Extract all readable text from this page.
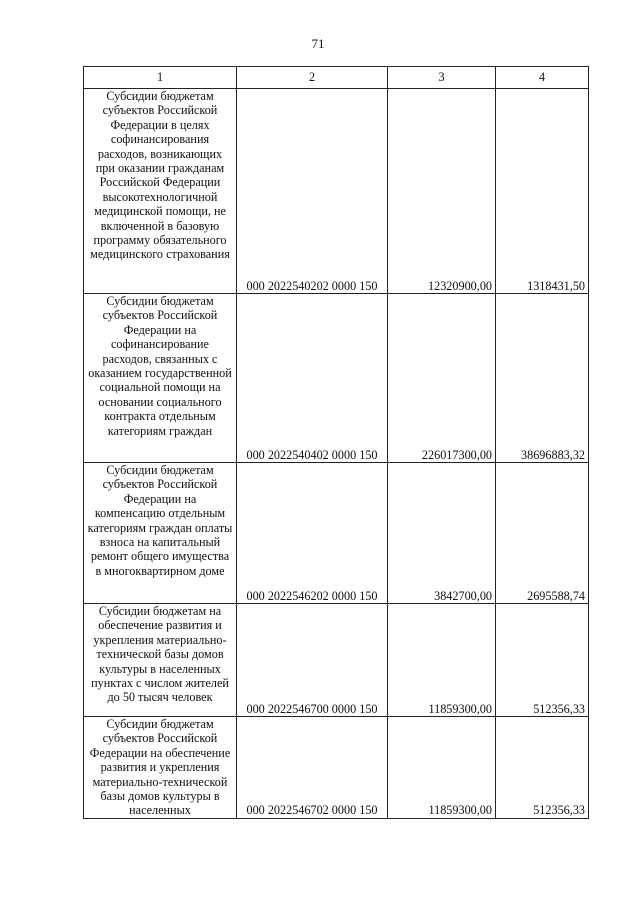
71
1	2	3	4
Субсидии бюджетам субъектов Российской Федерации в целях софинансирования расходов, возникающих при оказании гражданам Российской Федерации высокотехнологичной медицинской помощи, не включенной в базовую программу обязательного медицинского страхования	000 2022540202 0000 150	12320900,00	1318431,50
Субсидии бюджетам субъектов Российской Федерации на софинансирование расходов, связанных с оказанием государственной социальной помощи на основании социального контракта отдельным категориям граждан	000 2022540402 0000 150	226017300,00	38696883,32
Субсидии бюджетам субъектов Российской Федерации на компенсацию отдельным категориям граждан оплаты взноса на капитальный ремонт общего имущества в многоквартирном доме	000 2022546202 0000 150	3842700,00	2695588,74
Субсидии бюджетам на обеспечение развития и укрепления материально-технической базы домов культуры в населенных пунктах с числом жителей до 50 тысяч человек	000 2022546700 0000 150	11859300,00	512356,33
Субсидии бюджетам субъектов Российской Федерации на обеспечение развития и укрепления материально-технической базы домов культуры в населенных	000 2022546702 0000 150	11859300,00	512356,33
